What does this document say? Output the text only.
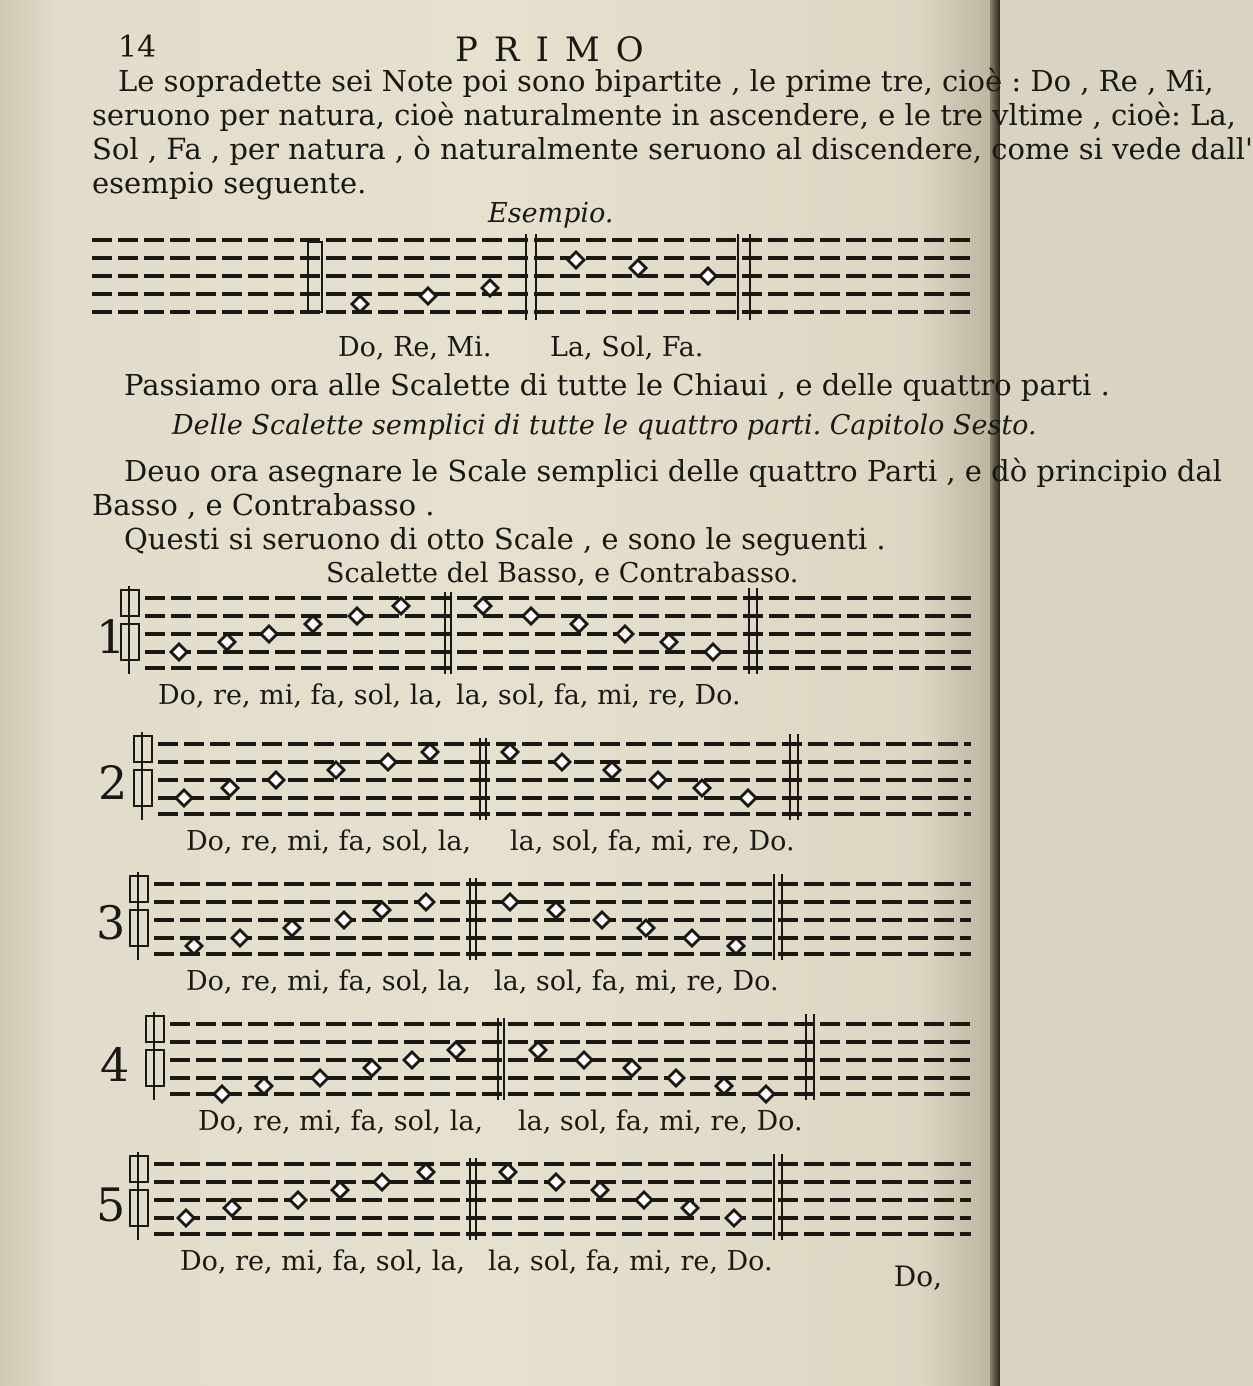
14	PRIMO
Le sopradette sei Note poi sono bipartite , le prime tre, cioè : Do , Re , Mi,
seruono per natura, cioè naturalmente in ascendere, e le tre vltime , cioè: La,
Sol , Fa , per natura , ò naturalmente seruono al discendere, come si vede dall'
esempio seguente.
Esempio.
Do, Re, Mi. La, Sol, Fa.
Passiamo ora alle Scalette di tutte le Chiaui , e delle quattro parti .
Delle Scalette semplici di tutte le quattro parti. Capitolo Sesto.
Deuo ora asegnare le Scale semplici delle quattro Parti , e dò principio dal
Basso , e Contrabasso .
Questi si seruono di otto Scale , e sono le seguenti .
Scalette del Basso, e Contrabasso.
1
Do, re, mi, fa, sol, la, la, sol, fa, mi, re, Do.
2
Do, re, mi, fa, sol, la, la, sol, fa, mi, re, Do.
3
Do, re, mi, fa, sol, la, la, sol, fa, mi, re, Do.
4
Do, re, mi, fa, sol, la, la, sol, fa, mi, re, Do.
5
Do, re, mi, fa, sol, la, la, sol, fa, mi, re, Do.	Do,
